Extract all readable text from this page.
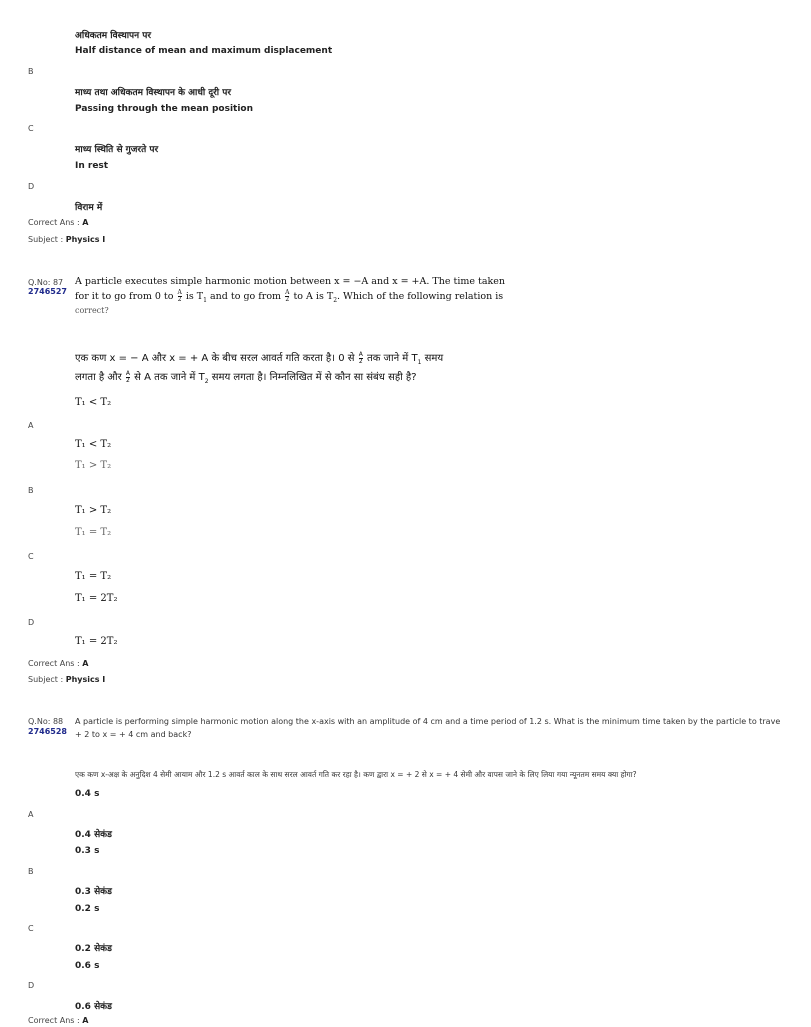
अधिकतम विस्थापन पर
Half distance of mean and maximum displacement
B
माध्य तथा अधिकतम विस्थापन के आधी दूरी पर
Passing through the mean position
C
माध्य स्थिति से गुजरते पर
In rest
D
विराम में
Correct Ans : A
Subject : Physics I
Q.No: 87
2746527
A particle executes simple harmonic motion between x = −A and x = +A. The time taken
for it to go from 0 to $\frac{A}{2}$ is $T_1$ and to go from $\frac{A}{2}$ to A is $T_2$. Which of the following relation is
correct?
एक कण x = − A और x = + A के बीच सरल आवर्त गति करता है। 0 से $\frac{A}{2}$ तक जाने में $T_1$ समय
लगता है और $\frac{A}{2}$ से A तक जाने में $T_2$ समय लगता है। निम्नलिखित में से कौन सा संबंध सही है?
T₁ < T₂
A
T₁ < T₂
T₁ > T₂
B
T₁ > T₂
T₁ = T₂
C
T₁ = T₂
T₁ = 2T₂
D
T₁ = 2T₂
Correct Ans : A
Subject : Physics I
Q.No: 88
2746528
A particle is performing simple harmonic motion along the x-axis with an amplitude of 4 cm and a time period of 1.2 s. What is the minimum time taken by the particle to trave
+ 2 to x = + 4 cm and back?
एक कण x-अक्ष के अनुदिश 4 सेमी आयाम और 1.2 s आवर्त काल के साथ सरल आवर्त गति कर रहा है। कण द्वारा x = + 2 से x = + 4 सेमी और वापस जाने के लिए लिया गया न्यूनतम समय क्या होगा?
0.4 s
A
0.4 सेकंड
0.3 s
B
0.3 सेकंड
0.2 s
C
0.2 सेकंड
0.6 s
D
0.6 सेकंड
Correct Ans : A
